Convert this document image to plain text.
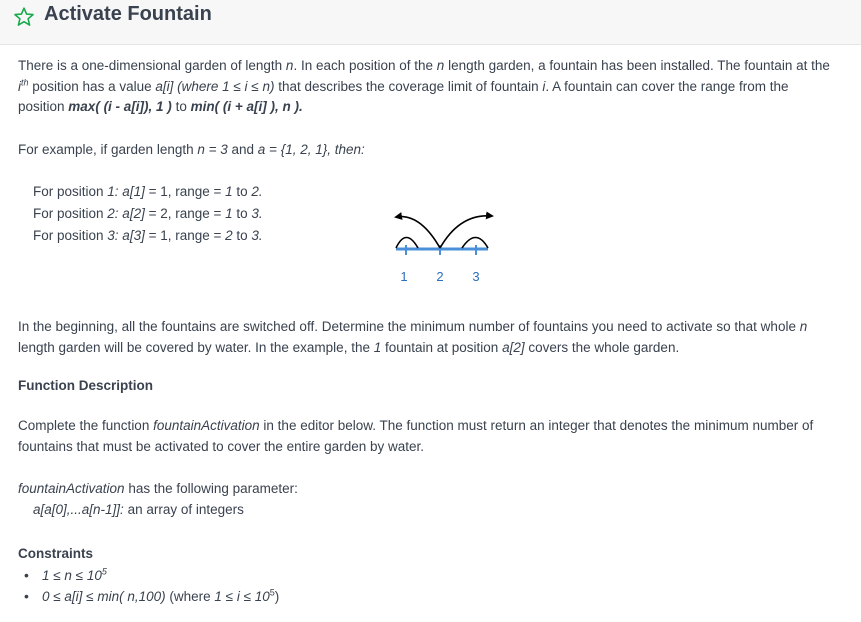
Activate Fountain

There is a one-dimensional garden of length n. In each position of the n length garden, a fountain has been installed. The fountain at the

$i^{th}$ position has a value a[i] (where 1 ≤ i ≤ n) that describes the coverage limit of fountain i. A fountain can cover the range from the

position max( (i - a[i]), 1 ) to min( (i + a[i] ), n ).

For example, if garden length n = 3 and a = {1, 2, 1}, then:

For position 1: a[1] = 1, range = 1 to 2.

For position 2: a[2] = 2, range = 1 to 3.

For position 3: a[3] = 1, range = 2 to 3.

In the beginning, all the fountains are switched off. Determine the minimum number of fountains you need to activate so that whole n

length garden will be covered by water. In the example, the 1 fountain at position a[2] covers the whole garden.

Function Description

Complete the function fountainActivation in the editor below. The function must return an integer that denotes the minimum number of

fountains that must be activated to cover the entire garden by water.

fountainActivation has the following parameter:

a[a[0],...a[n-1]]: an array of integers

Constraints

• $1 \le n \le 10^5$
• 0 ≤ a[i] ≤ min( n,100) (where $1 \le i \le 10^5$)
1 2 3
